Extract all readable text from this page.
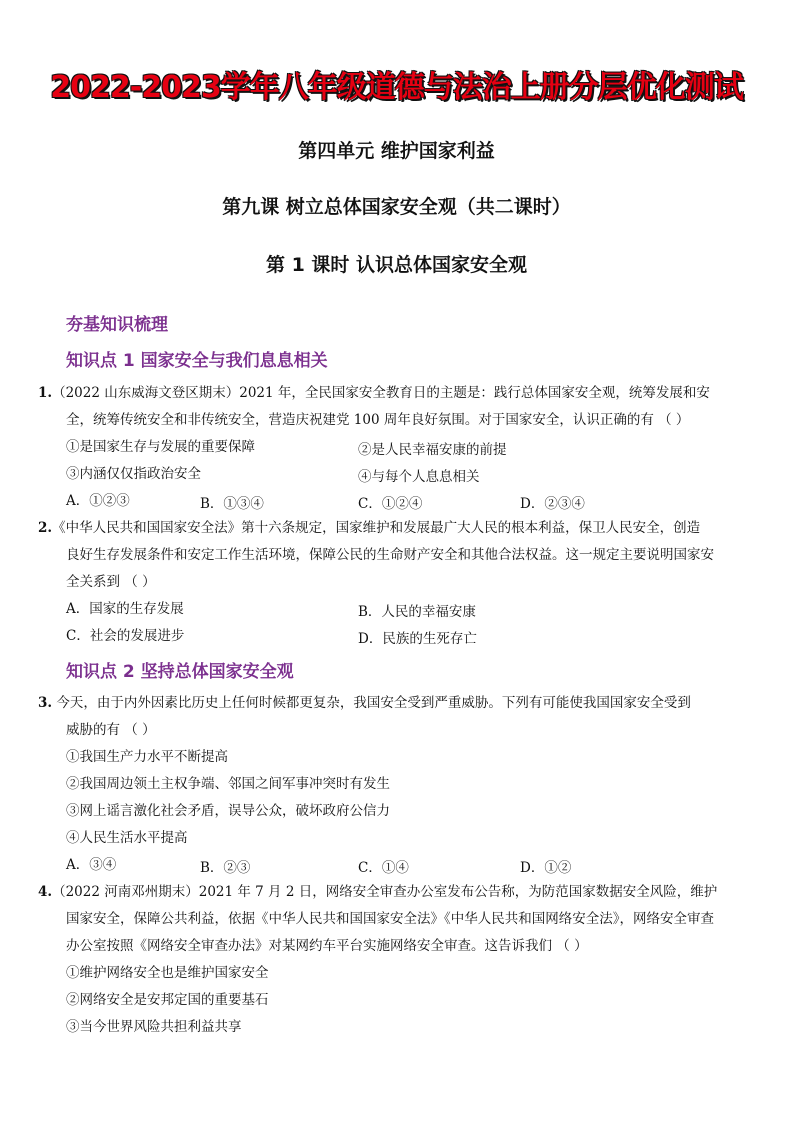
2022-2023学年八年级道德与法治上册分层优化测试
第四单元 维护国家利益
第九课 树立总体国家安全观（共二课时）
第 1 课时 认识总体国家安全观
夯基知识梳理
知识点 1 国家安全与我们息息相关
1.（2022 山东威海文登区期末）2021 年，全民国家安全教育日的主题是：践行总体国家安全观，统筹发展和安
全，统筹传统安全和非传统安全，营造庆祝建党 100 周年良好氛围。对于国家安全，认识正确的有 （ ）
①是国家生存与发展的重要保障	②是人民幸福安康的前提
③内涵仅仅指政治安全	④与每个人息息相关
A．①②③	B．①③④	C．①②④	D．②③④
2.《中华人民共和国国家安全法》第十六条规定，国家维护和发展最广大人民的根本利益，保卫人民安全，创造
良好生存发展条件和安定工作生活环境，保障公民的生命财产安全和其他合法权益。这一规定主要说明国家安
全关系到 （ ）
A．国家的生存发展	B．人民的幸福安康
C．社会的发展进步	D．民族的生死存亡
知识点 2 坚持总体国家安全观
3. 今天，由于内外因素比历史上任何时候都更复杂，我国安全受到严重威胁。下列有可能使我国国家安全受到
威胁的有 （ ）
①我国生产力水平不断提高
②我国周边领土主权争端、邻国之间军事冲突时有发生
③网上谣言激化社会矛盾，误导公众，破坏政府公信力
④人民生活水平提高
A．③④	B．②③	C．①④	D．①②
4.（2022 河南邓州期末）2021 年 7 月 2 日，网络安全审查办公室发布公告称，为防范国家数据安全风险，维护
国家安全，保障公共利益，依据《中华人民共和国国家安全法》《中华人民共和国网络安全法》，网络安全审查
办公室按照《网络安全审查办法》对某网约车平台实施网络安全审查。这告诉我们 （ ）
①维护网络安全也是维护国家安全
②网络安全是安邦定国的重要基石
③当今世界风险共担利益共享
